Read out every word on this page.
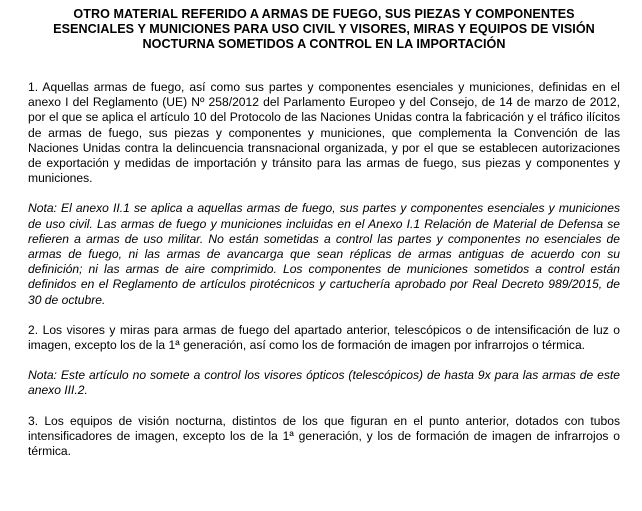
OTRO MATERIAL REFERIDO A ARMAS DE FUEGO, SUS PIEZAS Y COMPONENTES ESENCIALES Y MUNICIONES PARA USO CIVIL Y VISORES, MIRAS Y EQUIPOS DE VISIÓN NOCTURNA SOMETIDOS A CONTROL EN LA IMPORTACIÓN

1. Aquellas armas de fuego, así como sus partes y componentes esenciales y municiones, definidas en el anexo I del Reglamento (UE) Nº 258/2012 del Parlamento Europeo y del Consejo, de 14 de marzo de 2012, por el que se aplica el artículo 10 del Protocolo de las Naciones Unidas contra la fabricación y el tráfico ilícitos de armas de fuego, sus piezas y componentes y municiones, que complementa la Convención de las Naciones Unidas contra la delincuencia transnacional organizada, y por el que se establecen autorizaciones de exportación y medidas de importación y tránsito para las armas de fuego, sus piezas y componentes y municiones.

Nota: El anexo II.1 se aplica a aquellas armas de fuego, sus partes y componentes esenciales y municiones de uso civil. Las armas de fuego y municiones incluidas en el Anexo I.1 Relación de Material de Defensa se refieren a armas de uso militar. No están sometidas a control las partes y componentes no esenciales de armas de fuego, ni las armas de avancarga que sean réplicas de armas antiguas de acuerdo con su definición; ni las armas de aire comprimido. Los componentes de municiones sometidos a control están definidos en el Reglamento de artículos pirotécnicos y cartuchería aprobado por Real Decreto 989/2015, de 30 de octubre.

2. Los visores y miras para armas de fuego del apartado anterior, telescópicos o de intensificación de luz o imagen, excepto los de la 1ª generación, así como los de formación de imagen por infrarrojos o térmica.

Nota: Este artículo no somete a control los visores ópticos (telescópicos) de hasta 9x para las armas de este anexo III.2.

3. Los equipos de visión nocturna, distintos de los que figuran en el punto anterior, dotados con tubos intensificadores de imagen, excepto los de la 1ª generación, y los de formación de imagen de infrarrojos o térmica.
